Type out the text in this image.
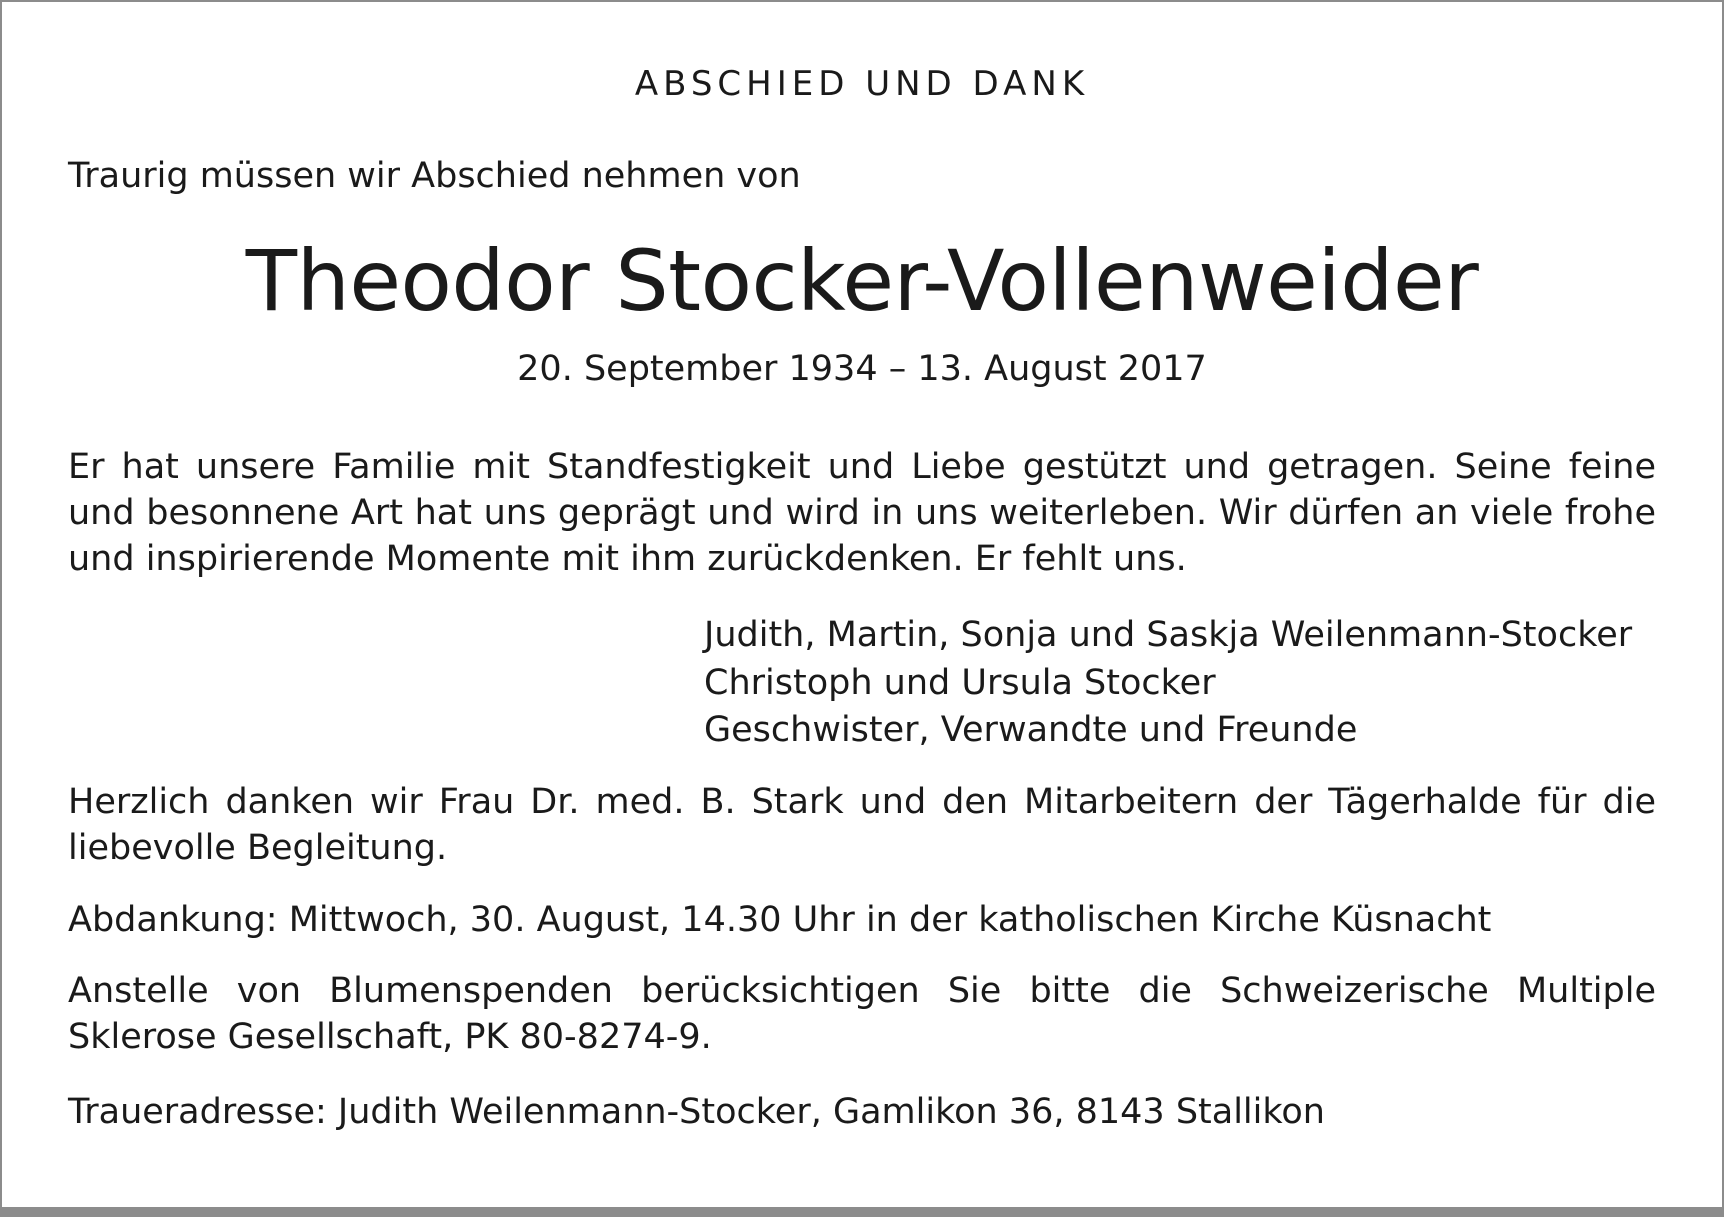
ABSCHIED UND DANK
Traurig müssen wir Abschied nehmen von
Theodor Stocker-Vollenweider
20. September 1934 – 13. August 2017
Er hat unsere Familie mit Standfestigkeit und Liebe gestützt und getragen. Seine feine und besonnene Art hat uns geprägt und wird in uns weiterleben. Wir dürfen an viele frohe und inspirierende Momente mit ihm zurückdenken. Er fehlt uns.
Judith, Martin, Sonja und Saskja Weilenmann-Stocker
Christoph und Ursula Stocker
Geschwister, Verwandte und Freunde
Herzlich danken wir Frau Dr. med. B. Stark und den Mitarbeitern der Tägerhalde für die liebevolle Begleitung.
Abdankung: Mittwoch, 30. August, 14.30 Uhr in der katholischen Kirche Küsnacht
Anstelle von Blumenspenden berücksichtigen Sie bitte die Schweizerische Multiple Sklerose Gesellschaft, PK 80-8274-9.
Traueradresse: Judith Weilenmann-Stocker, Gamlikon 36, 8143 Stallikon
